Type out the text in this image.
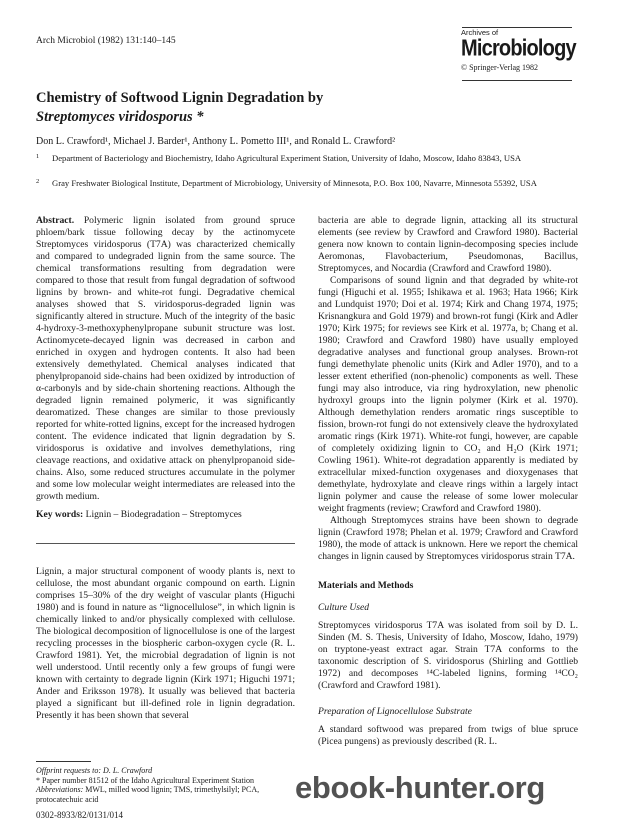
Arch Microbiol (1982) 131:140–145
Archives of
Microbiology
© Springer-Verlag 1982
Chemistry of Softwood Lignin Degradation by
Streptomyces viridosporus *
Don L. Crawford¹, Michael J. Barder¹, Anthony L. Pometto III¹, and Ronald L. Crawford²
1 Department of Bacteriology and Biochemistry, Idaho Agricultural Experiment Station, University of Idaho, Moscow, Idaho 83843, USA
2 Gray Freshwater Biological Institute, Department of Microbiology, University of Minnesota, P.O. Box 100, Navarre, Minnesota 55392, USA

Abstract. Polymeric lignin isolated from ground spruce phloem/bark tissue following decay by the actinomycete Streptomyces viridosporus (T7A) was characterized chemically and compared to undegraded lignin from the same source. The chemical transformations resulting from degradation were compared to those that result from fungal degradation of softwood lignins by brown- and white-rot fungi. Degradative chemical analyses showed that S. viridosporus-degraded lignin was significantly altered in structure. Much of the integrity of the basic 4-hydroxy-3-methoxyphenylpropane subunit structure was lost. Actinomycete-decayed lignin was decreased in carbon and enriched in oxygen and hydrogen contents. It also had been extensively demethylated. Chemical analyses indicated that phenylpropanoid side-chains had been oxidized by introduction of α-carbonyls and by side-chain shortening reactions. Although the degraded lignin remained polymeric, it was significantly dearomatized. These changes are similar to those previously reported for white-rotted lignins, except for the increased hydrogen content. The evidence indicated that lignin degradation by S. viridosporus is oxidative and involves demethylations, ring cleavage reactions, and oxidative attack on phenylpropanoid side-chains. Also, some reduced structures accumulate in the polymer and some low molecular weight intermediates are released into the growth medium.

Key words: Lignin – Biodegradation – Streptomyces

Lignin, a major structural component of woody plants is, next to cellulose, the most abundant organic compound on earth. Lignin comprises 15–30% of the dry weight of vascular plants (Higuchi 1980) and is found in nature as “lignocellulose”, in which lignin is chemically linked to and/or physically complexed with cellulose. The biological decomposition of lignocellulose is one of the largest recycling processes in the biospheric carbon-oxygen cycle (R. L. Crawford 1981). Yet, the microbial degradation of lignin is not well understood. Until recently only a few groups of fungi were known with certainty to degrade lignin (Kirk 1971; Higuchi 1971; Ander and Eriksson 1978). It usually was believed that bacteria played a significant but ill-defined role in lignin degradation. Presently it has been shown that several

Offprint requests to: D. L. Crawford
* Paper number 81512 of the Idaho Agricultural Experiment Station
Abbreviations: MWL, milled wood lignin; TMS, trimethylsilyl; PCA, protocatechuic acid
0302-8933/82/0131/014

bacteria are able to degrade lignin, attacking all its structural elements (see review by Crawford and Crawford 1980). Bacterial genera now known to contain lignin-decomposing species include Aeromonas, Flavobacterium, Pseudomonas, Bacillus, Streptomyces, and Nocardia (Crawford and Crawford 1980).

Comparisons of sound lignin and that degraded by white-rot fungi (Higuchi et al. 1955; Ishikawa et al. 1963; Hata 1966; Kirk and Lundquist 1970; Doi et al. 1974; Kirk and Chang 1974, 1975; Krisnangkura and Gold 1979) and brown-rot fungi (Kirk and Adler 1970; Kirk 1975; for reviews see Kirk et al. 1977a, b; Chang et al. 1980; Crawford and Crawford 1980) have usually employed degradative analyses and functional group analyses. Brown-rot fungi demethylate phenolic units (Kirk and Adler 1970), and to a lesser extent etherified (non-phenolic) components as well. These fungi may also introduce, via ring hydroxylation, new phenolic hydroxyl groups into the lignin polymer (Kirk et al. 1970). Although demethylation renders aromatic rings susceptible to fission, brown-rot fungi do not extensively cleave the hydroxylated aromatic rings (Kirk 1971). White-rot fungi, however, are capable of completely oxidizing lignin to CO₂ and H₂O (Kirk 1971; Cowling 1961). White-rot degradation apparently is mediated by extracellular mixed-function oxygenases and dioxygenases that demethylate, hydroxylate and cleave rings within a largely intact lignin polymer and cause the release of some lower molecular weight fragments (review; Crawford and Crawford 1980).

Although Streptomyces strains have been shown to degrade lignin (Crawford 1978; Phelan et al. 1979; Crawford and Crawford 1980), the mode of attack is unknown. Here we report the chemical changes in lignin caused by Streptomyces viridosporus strain T7A.

Materials and Methods

Culture Used

Streptomyces viridosporus T7A was isolated from soil by D. L. Sinden (M. S. Thesis, University of Idaho, Moscow, Idaho, 1979) on tryptone-yeast extract agar. Strain T7A conforms to the taxonomic description of S. viridosporus (Shirling and Gottlieb 1972) and decomposes ¹⁴C-labeled lignins, forming ¹⁴CO₂ (Crawford and Crawford 1981).

Preparation of Lignocellulose Substrate

A standard softwood was prepared from twigs of blue spruce (Picea pungens) as previously described (R. L.

ebook-hunter.org
